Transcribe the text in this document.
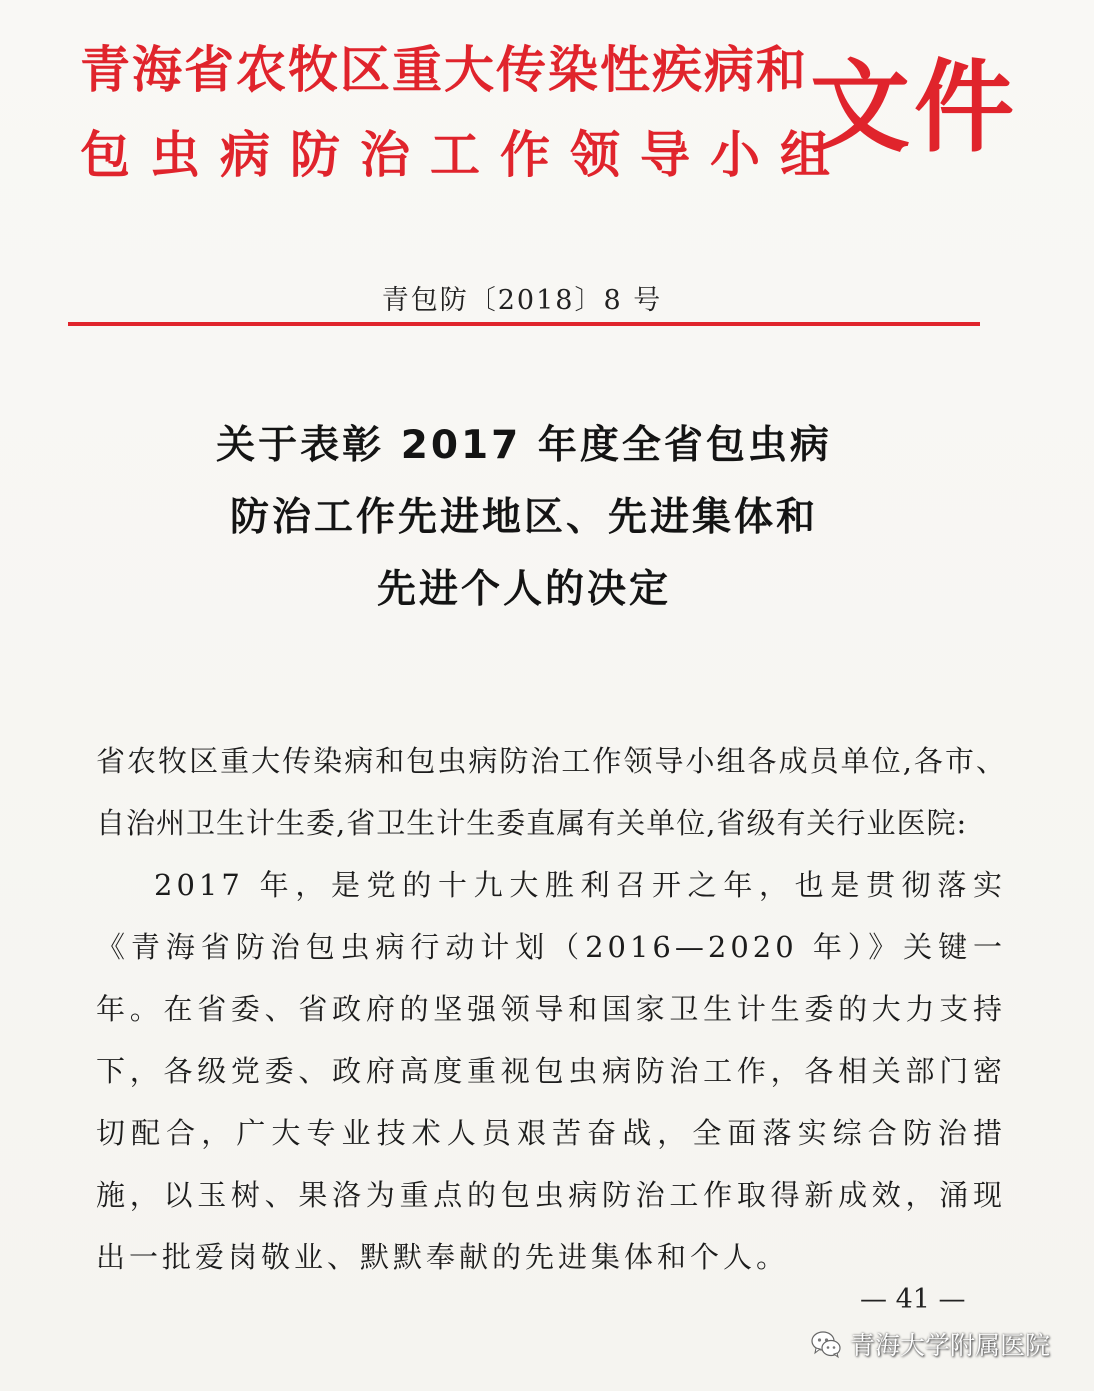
青海省农牧区重大传染性疾病和
包虫病防治工作领导小组
文件
青包防〔2018〕8 号
关于表彰 2017 年度全省包虫病
防治工作先进地区、先进集体和
先进个人的决定

省农牧区重大传染病和包虫病防治工作领导小组各成员单位,各市、自治州卫生计生委,省卫生计生委直属有关单位,省级有关行业医院:

2017 年，是党的十九大胜利召开之年，也是贯彻落实《青海省防治包虫病行动计划（2016—2020 年）》关键一年。在省委、省政府的坚强领导和国家卫生计生委的大力支持下，各级党委、政府高度重视包虫病防治工作，各相关部门密切配合，广大专业技术人员艰苦奋战，全面落实综合防治措施，以玉树、果洛为重点的包虫病防治工作取得新成效，涌现出一批爱岗敬业、默默奉献的先进集体和个人。

— 41 —
青海大学附属医院
